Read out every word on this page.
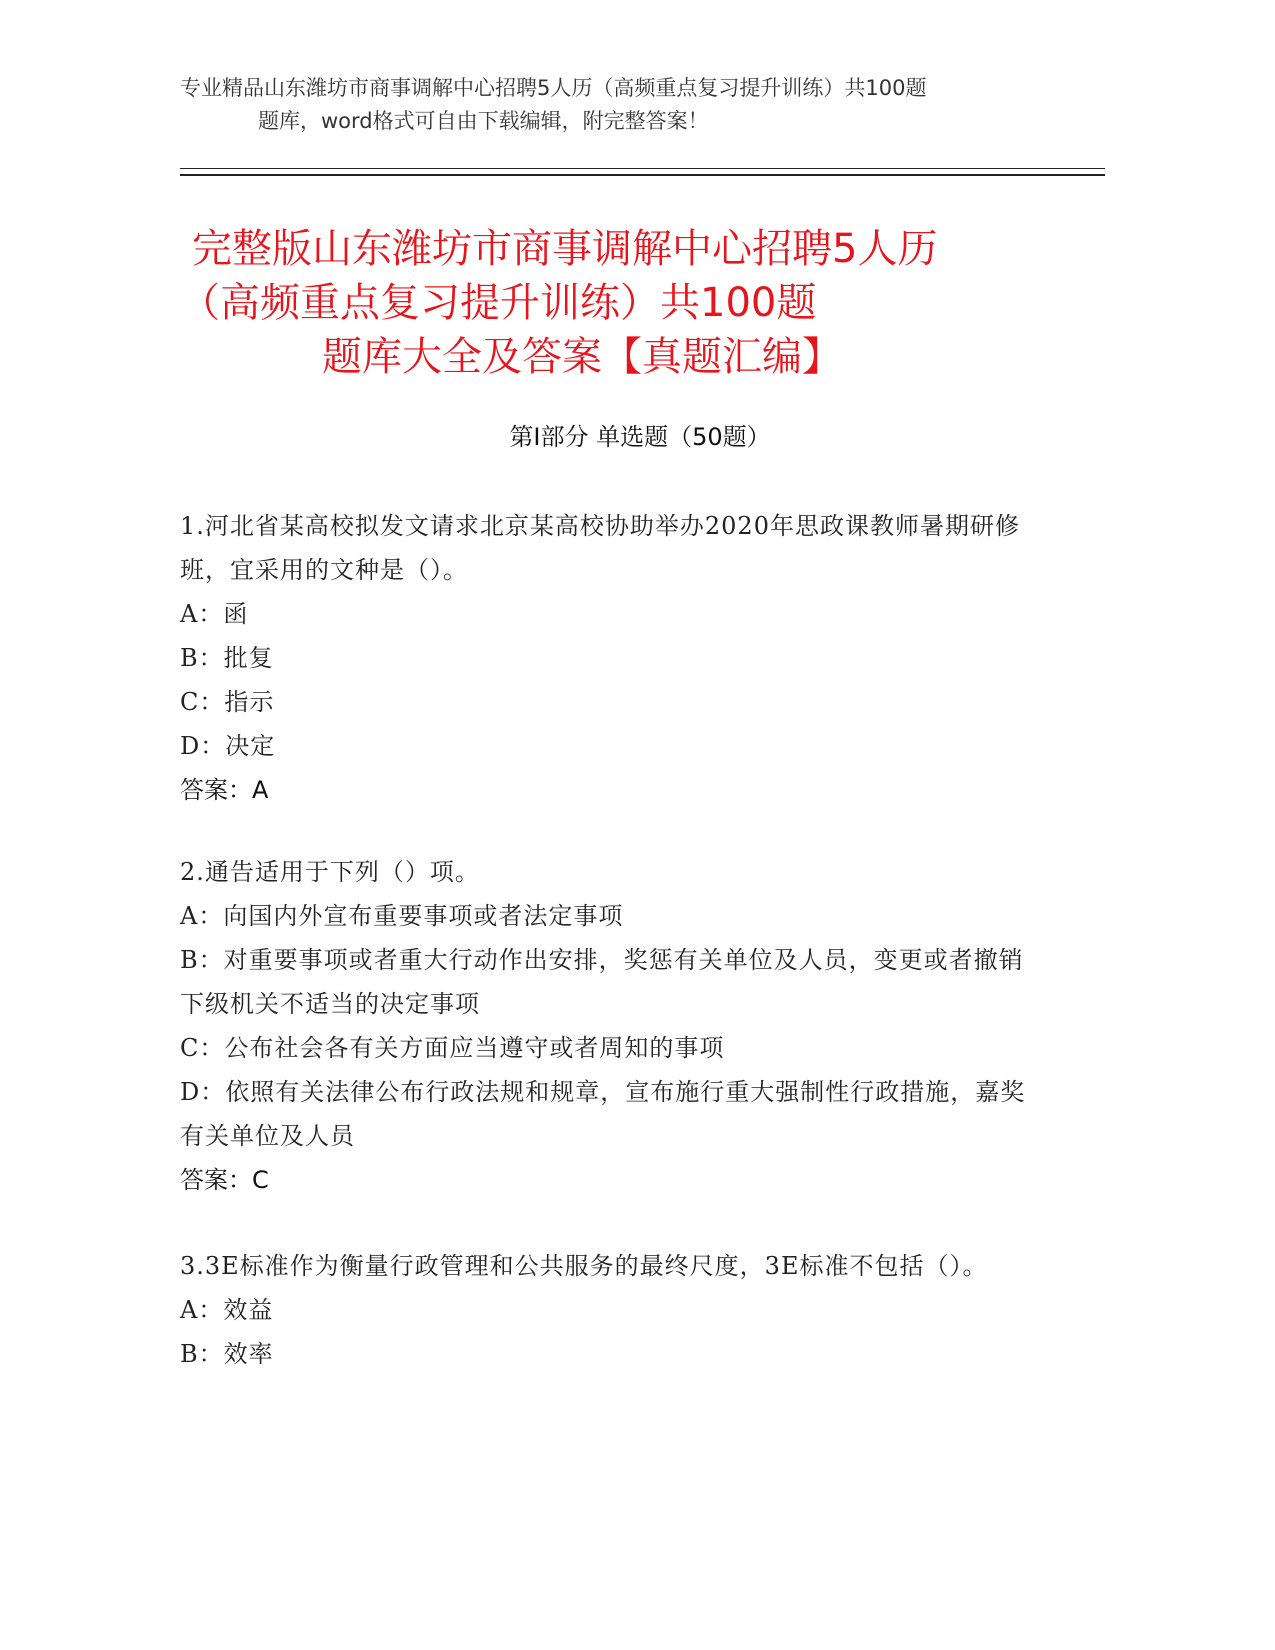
专业精品山东潍坊市商事调解中心招聘5人历（高频重点复习提升训练）共100题
题库，word格式可自由下载编辑，附完整答案！
完整版山东潍坊市商事调解中心招聘5人历
（高频重点复习提升训练）共100题
题库大全及答案【真题汇编】
第Ⅰ部分 单选题（50题）
1.河北省某高校拟发文请求北京某高校协助举办2020年思政课教师暑期研修班，宜采用的文种是（）。
A：函
B：批复
C：指示
D：决定
答案：A
2.通告适用于下列（）项。
A：向国内外宣布重要事项或者法定事项
B：对重要事项或者重大行动作出安排，奖惩有关单位及人员，变更或者撤销下级机关不适当的决定事项
C：公布社会各有关方面应当遵守或者周知的事项
D：依照有关法律公布行政法规和规章，宣布施行重大强制性行政措施，嘉奖有关单位及人员
答案：C
3.3E标准作为衡量行政管理和公共服务的最终尺度，3E标准不包括（）。
A：效益
B：效率
